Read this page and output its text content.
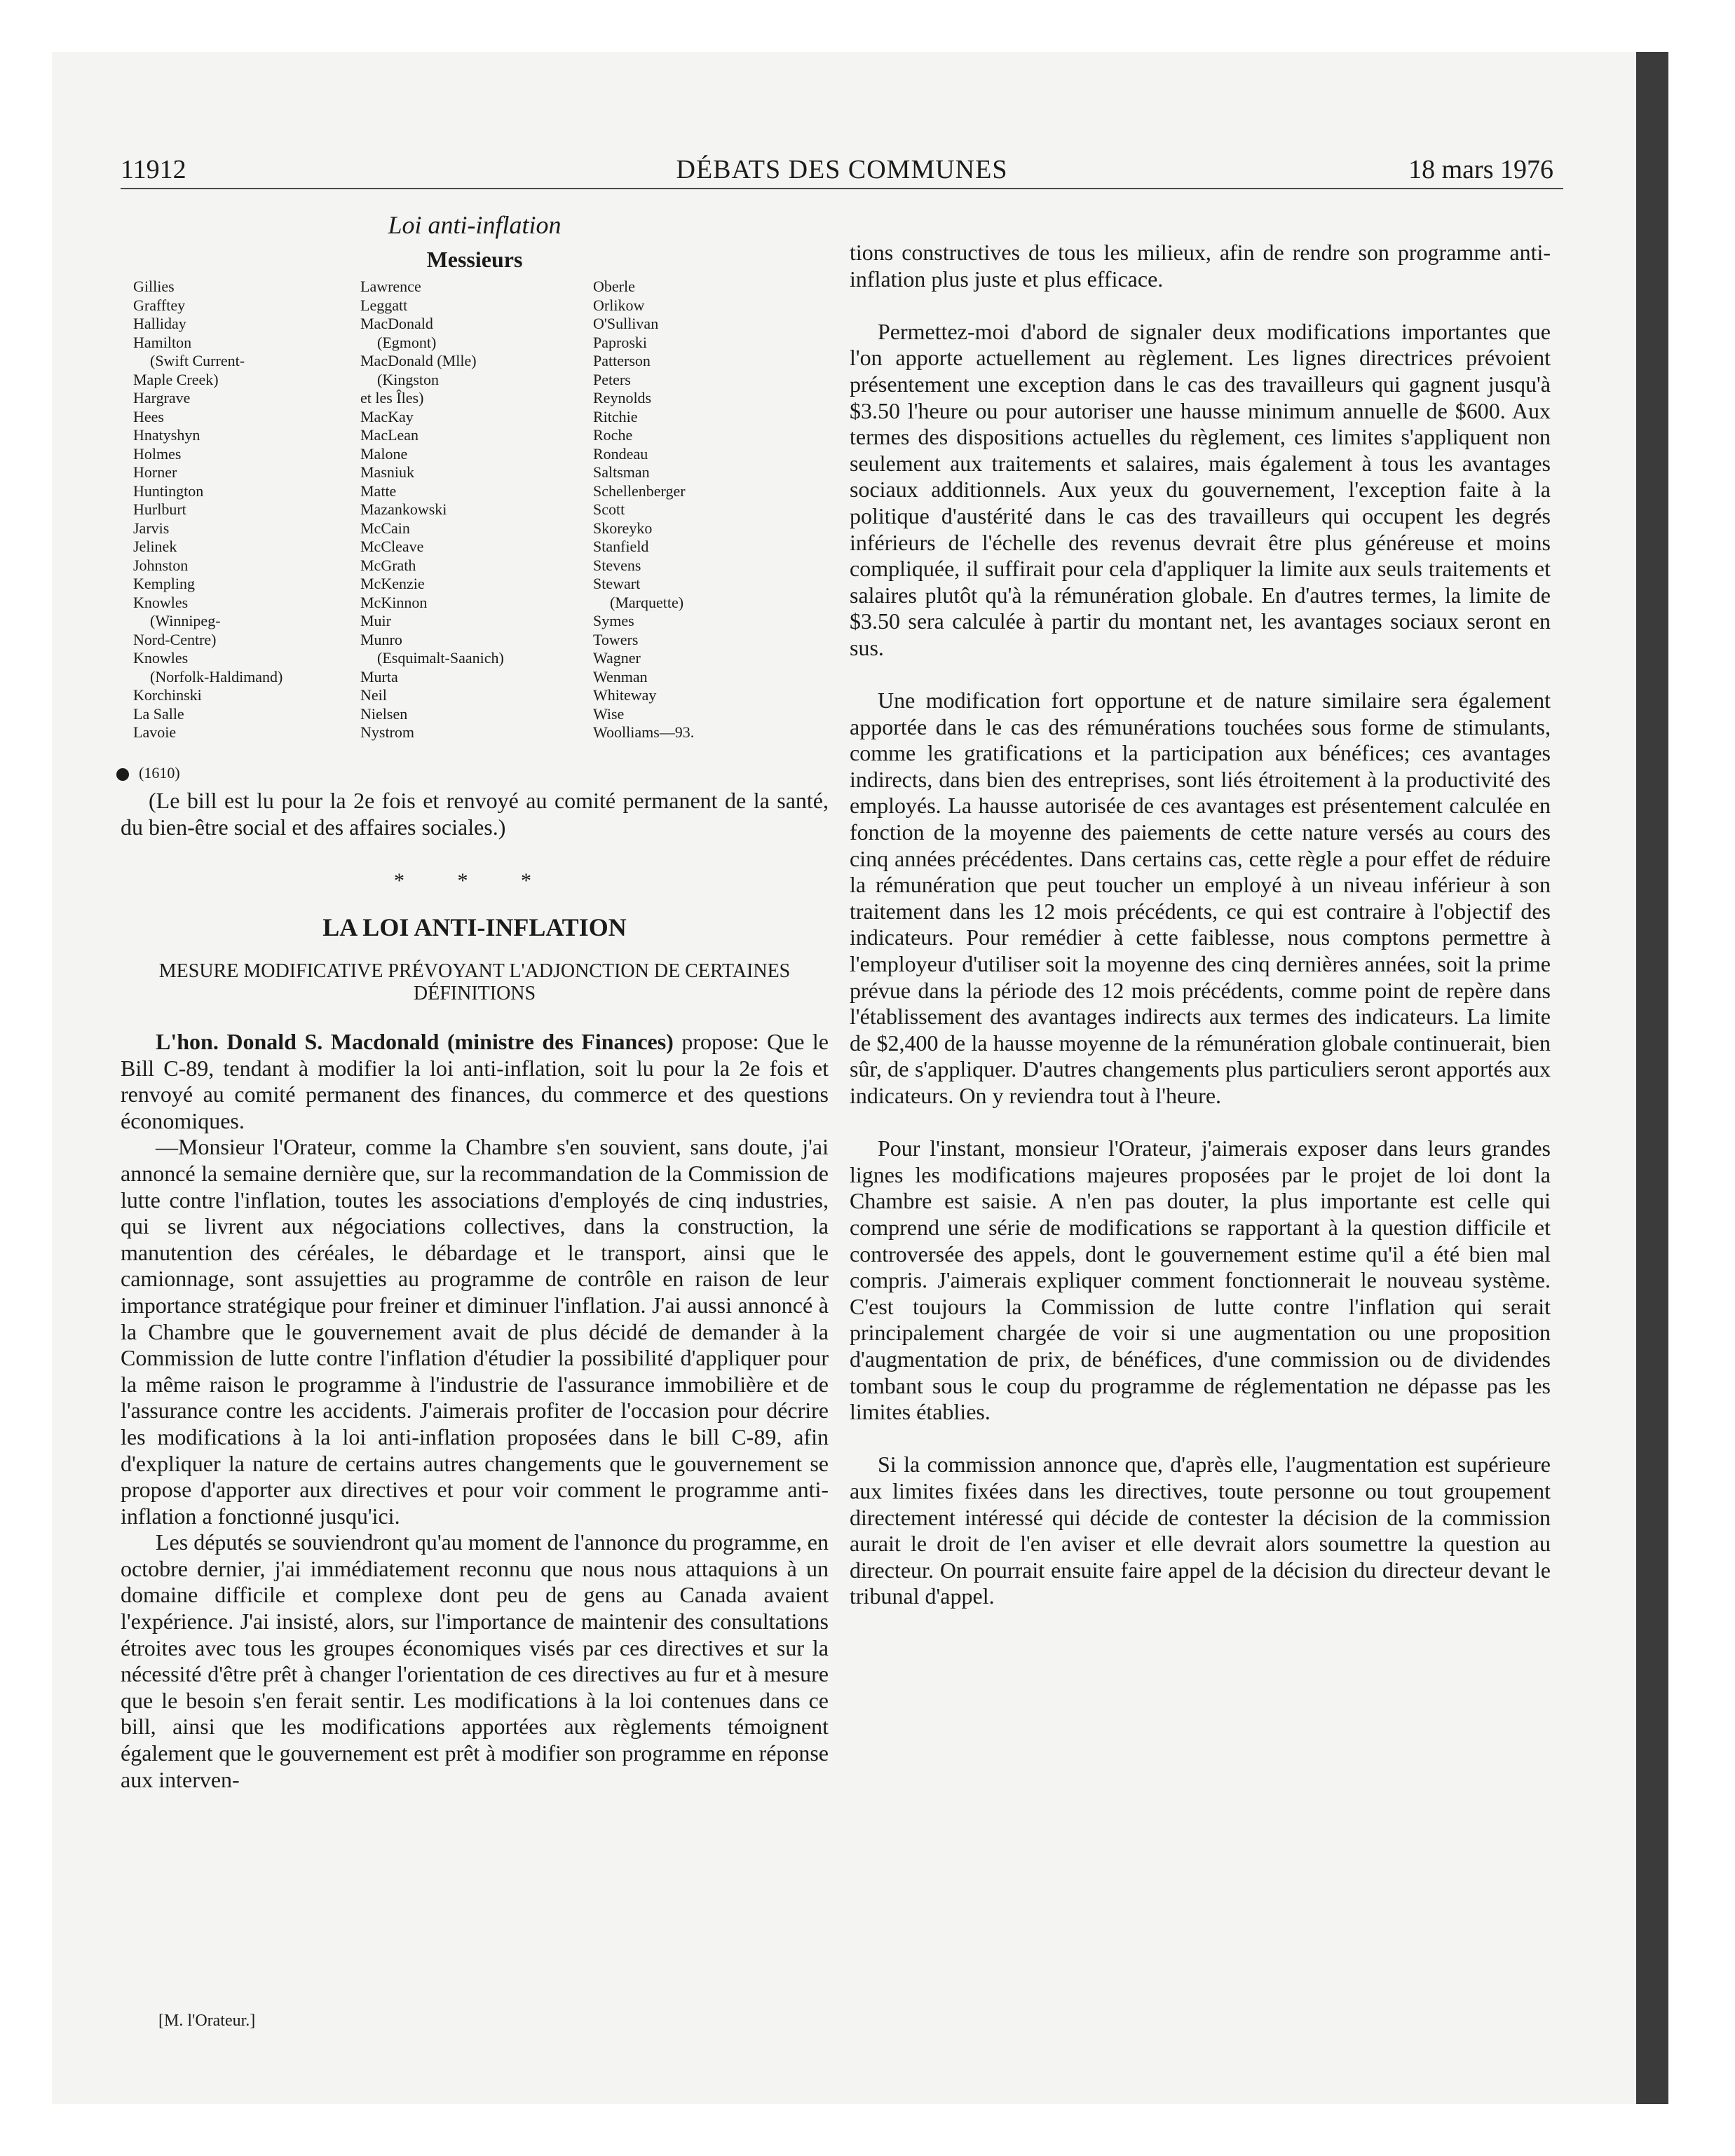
11912	DÉBATS DES COMMUNES	18 mars 1976
Loi anti-inflation
Messieurs
Gillies
Grafftey
Halliday
Hamilton
(Swift Current-
Maple Creek)
Hargrave
Hees
Hnatyshyn
Holmes
Horner
Huntington
Hurlburt
Jarvis
Jelinek
Johnston
Kempling
Knowles
(Winnipeg-
Nord-Centre)
Knowles
(Norfolk-Haldimand)
Korchinski
La Salle
Lavoie
Lawrence
Leggatt
MacDonald
(Egmont)
MacDonald (Mlle)
(Kingston
et les Îles)
MacKay
MacLean
Malone
Masniuk
Matte
Mazankowski
McCain
McCleave
McGrath
McKenzie
McKinnon
Muir
Munro
(Esquimalt-Saanich)
Murta
Neil
Nielsen
Nystrom
Oberle
Orlikow
O'Sullivan
Paproski
Patterson
Peters
Reynolds
Ritchie
Roche
Rondeau
Saltsman
Schellenberger
Scott
Skoreyko
Stanfield
Stevens
Stewart
(Marquette)
Symes
Towers
Wagner
Wenman
Whiteway
Wise
Woolliams—93.
(1610)

(Le bill est lu pour la 2e fois et renvoyé au comité permanent de la santé, du bien-être social et des affaires sociales.)

* * *
LA LOI ANTI-INFLATION
MESURE MODIFICATIVE PRÉVOYANT L'ADJONCTION DE CERTAINES DÉFINITIONS

L'hon. Donald S. Macdonald (ministre des Finances) propose: Que le Bill C-89, tendant à modifier la loi anti-inflation, soit lu pour la 2e fois et renvoyé au comité permanent des finances, du commerce et des questions économiques.

—Monsieur l'Orateur, comme la Chambre s'en souvient, sans doute, j'ai annoncé la semaine dernière que, sur la recommandation de la Commission de lutte contre l'inflation, toutes les associations d'employés de cinq industries, qui se livrent aux négociations collectives, dans la construction, la manutention des céréales, le débardage et le transport, ainsi que le camionnage, sont assujetties au programme de contrôle en raison de leur importance stratégique pour freiner et diminuer l'inflation. J'ai aussi annoncé à la Chambre que le gouvernement avait de plus décidé de demander à la Commission de lutte contre l'inflation d'étudier la possibilité d'appliquer pour la même raison le programme à l'industrie de l'assurance immobilière et de l'assurance contre les accidents. J'aimerais profiter de l'occasion pour décrire les modifications à la loi anti-inflation proposées dans le bill C-89, afin d'expliquer la nature de certains autres changements que le gouvernement se propose d'apporter aux directives et pour voir comment le programme anti-inflation a fonctionné jusqu'ici.

Les députés se souviendront qu'au moment de l'annonce du programme, en octobre dernier, j'ai immédiatement reconnu que nous nous attaquions à un domaine difficile et complexe dont peu de gens au Canada avaient l'expérience. J'ai insisté, alors, sur l'importance de maintenir des consultations étroites avec tous les groupes économiques visés par ces directives et sur la nécessité d'être prêt à changer l'orientation de ces directives au fur et à mesure que le besoin s'en ferait sentir. Les modifications à la loi contenues dans ce bill, ainsi que les modifications apportées aux règlements témoignent également que le gouvernement est prêt à modifier son programme en réponse aux interven-

[M. l'Orateur.]

tions constructives de tous les milieux, afin de rendre son programme anti-inflation plus juste et plus efficace.

Permettez-moi d'abord de signaler deux modifications importantes que l'on apporte actuellement au règlement. Les lignes directrices prévoient présentement une exception dans le cas des travailleurs qui gagnent jusqu'à $3.50 l'heure ou pour autoriser une hausse minimum annuelle de $600. Aux termes des dispositions actuelles du règlement, ces limites s'appliquent non seulement aux traitements et salaires, mais également à tous les avantages sociaux additionnels. Aux yeux du gouvernement, l'exception faite à la politique d'austérité dans le cas des travailleurs qui occupent les degrés inférieurs de l'échelle des revenus devrait être plus généreuse et moins compliquée, il suffirait pour cela d'appliquer la limite aux seuls traitements et salaires plutôt qu'à la rémunération globale. En d'autres termes, la limite de $3.50 sera calculée à partir du montant net, les avantages sociaux seront en sus.

Une modification fort opportune et de nature similaire sera également apportée dans le cas des rémunérations touchées sous forme de stimulants, comme les gratifications et la participation aux bénéfices; ces avantages indirects, dans bien des entreprises, sont liés étroitement à la productivité des employés. La hausse autorisée de ces avantages est présentement calculée en fonction de la moyenne des paiements de cette nature versés au cours des cinq années précédentes. Dans certains cas, cette règle a pour effet de réduire la rémunération que peut toucher un employé à un niveau inférieur à son traitement dans les 12 mois précédents, ce qui est contraire à l'objectif des indicateurs. Pour remédier à cette faiblesse, nous comptons permettre à l'employeur d'utiliser soit la moyenne des cinq dernières années, soit la prime prévue dans la période des 12 mois précédents, comme point de repère dans l'établissement des avantages indirects aux termes des indicateurs. La limite de $2,400 de la hausse moyenne de la rémunération globale continuerait, bien sûr, de s'appliquer. D'autres changements plus particuliers seront apportés aux indicateurs. On y reviendra tout à l'heure.

Pour l'instant, monsieur l'Orateur, j'aimerais exposer dans leurs grandes lignes les modifications majeures proposées par le projet de loi dont la Chambre est saisie. A n'en pas douter, la plus importante est celle qui comprend une série de modifications se rapportant à la question difficile et controversée des appels, dont le gouvernement estime qu'il a été bien mal compris. J'aimerais expliquer comment fonctionnerait le nouveau système. C'est toujours la Commission de lutte contre l'inflation qui serait principalement chargée de voir si une augmentation ou une proposition d'augmentation de prix, de bénéfices, d'une commission ou de dividendes tombant sous le coup du programme de réglementation ne dépasse pas les limites établies.

Si la commission annonce que, d'après elle, l'augmentation est supérieure aux limites fixées dans les directives, toute personne ou tout groupement directement intéressé qui décide de contester la décision de la commission aurait le droit de l'en aviser et elle devrait alors soumettre la question au directeur. On pourrait ensuite faire appel de la décision du directeur devant le tribunal d'appel.
